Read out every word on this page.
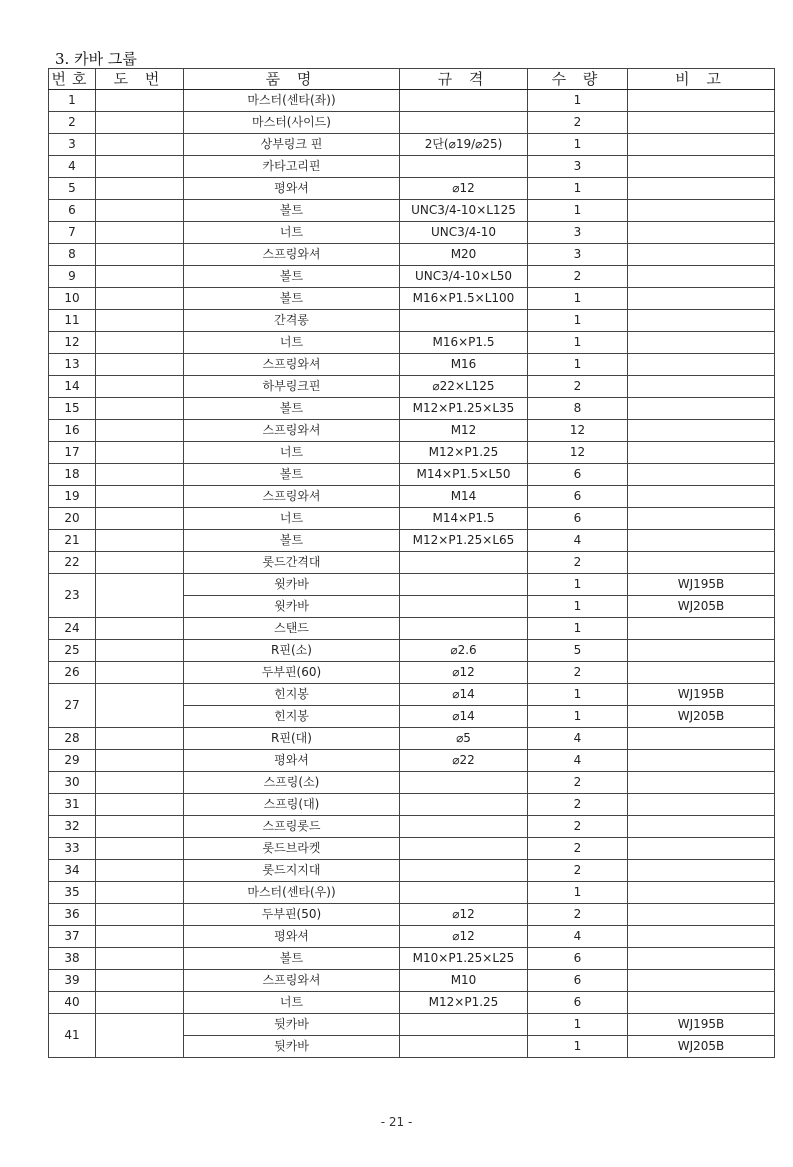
3. 카바 그룹
번호	도 번	품 명	규 격	수 량	비 고
1		마스터(센타(좌))		1	
2		마스터(사이드)		2	
3		상부링크 핀	2단(⌀19/⌀25)	1	
4		카타고리핀		3	
5		평와셔	⌀12	1	
6		볼트	UNC3/4-10×L125	1	
7		너트	UNC3/4-10	3	
8		스프링와셔	M20	3	
9		볼트	UNC3/4-10×L50	2	
10		볼트	M16×P1.5×L100	1	
11		간격롱		1	
12		너트	M16×P1.5	1	
13		스프링와셔	M16	1	
14		하부링크핀	⌀22×L125	2	
15		볼트	M12×P1.25×L35	8	
16		스프링와셔	M12	12	
17		너트	M12×P1.25	12	
18		볼트	M14×P1.5×L50	6	
19		스프링와셔	M14	6	
20		너트	M14×P1.5	6	
21		볼트	M12×P1.25×L65	4	
22		롯드간격대		2	
23		윗카바		1	WJ195B
		윗카바		1	WJ205B
24		스탠드		1	
25		R핀(소)	⌀2.6	5	
26		두부핀(60)	⌀12	2	
27		힌지봉	⌀14	1	WJ195B
		힌지봉	⌀14	1	WJ205B
28		R핀(대)	⌀5	4	
29		평와셔	⌀22	4	
30		스프링(소)		2	
31		스프링(대)		2	
32		스프링롯드		2	
33		롯드브라켓		2	
34		롯드지지대		2	
35		마스터(센타(우))		1	
36		두부핀(50)	⌀12	2	
37		평와셔	⌀12	4	
38		볼트	M10×P1.25×L25	6	
39		스프링와셔	M10	6	
40		너트	M12×P1.25	6	
41		뒷카바		1	WJ195B
		뒷카바		1	WJ205B
- 21 -
